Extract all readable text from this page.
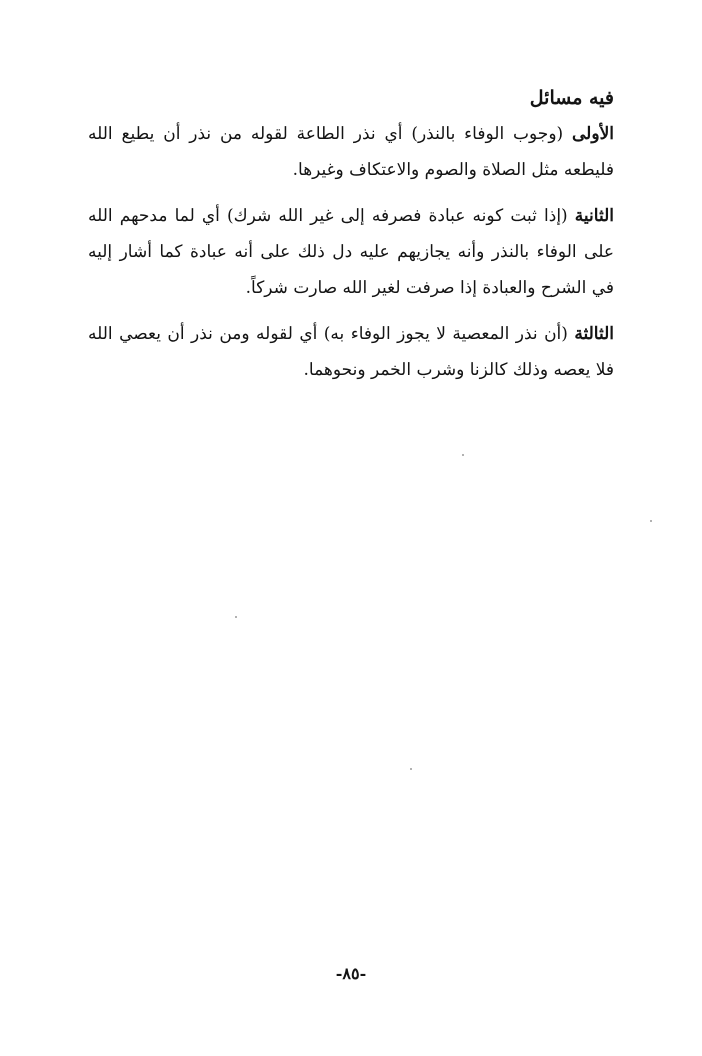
فيه مسائل

الأولى (وجوب الوفاء بالنذر) أي نذر الطاعة لقوله من نذر أن يطيع الله فليطعه مثل الصلاة والصوم والاعتكاف وغيرها.

الثانية (إذا ثبت كونه عبادة فصرفه إلى غير الله شرك) أي لما مدحهم الله على الوفاء بالنذر وأنه يجازيهم عليه دل ذلك على أنه عبادة كما أشار إليه في الشرح والعبادة إذا صرفت لغير الله صارت شركاً.

الثالثة (أن نذر المعصية لا يجوز الوفاء به) أي لقوله ومن نذر أن يعصي الله فلا يعصه وذلك كالزنا وشرب الخمر ونحوهما.

-٨٥-
